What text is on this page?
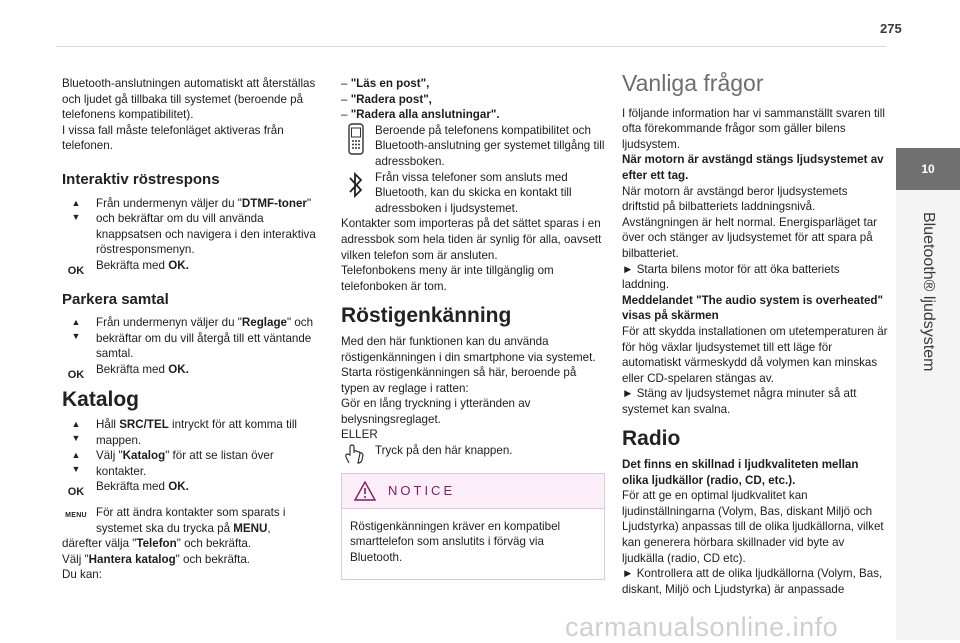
275
10
Bluetooth® ljudsystem

Bluetooth-anslutningen automatiskt att återställas och ljudet gå tillbaka till systemet (beroende på telefonens kompatibilitet).

I vissa fall måste telefonläget aktiveras från telefonen.

Interaktiv röstrespons
▲
▼

Från undermenyn väljer du "DTMF-toner" och bekräftar om du vill använda knappsatsen och navigera i den interaktiva röstresponsmenyn.

OK	Bekräfta med OK.

Parkera samtal
▲
▼

Från undermenyn väljer du "Reglage" och bekräftar om du vill återgå till ett väntande samtal.

OK	Bekräfta med OK.

Katalog
▲
▼

Håll SRC/TEL intryckt för att komma till mappen.

▲
▼

Välj "Katalog" för att se listan över kontakter.

OK	Bekräfta med OK.

MENU För att ändra kontakter som sparats i systemet ska du trycka på MENU,

därefter välja "Telefon" och bekräfta.

Välj "Hantera katalog" och bekräfta.

Du kan:

– "Läs en post",

– "Radera post",

– "Radera alla anslutningar".

Beroende på telefonens kompatibilitet och Bluetooth-anslutning ger systemet tillgång till adressboken.

Från vissa telefoner som ansluts med Bluetooth, kan du skicka en kontakt till adressboken i ljudsystemet.

Kontakter som importeras på det sättet sparas i en adressbok som hela tiden är synlig för alla, oavsett vilken telefon som är ansluten.

Telefonbokens meny är inte tillgänglig om telefonboken är tom.

Röstigenkänning

Med den här funktionen kan du använda röstigenkänningen i din smartphone via systemet.

Starta röstigenkänningen så här, beroende på typen av reglage i ratten:

Gör en lång tryckning i ytteränden av belysningsreglaget.

ELLER

Tryck på den här knappen.

NOTICE

Röstigenkänningen kräver en kompatibel smarttelefon som anslutits i förväg via Bluetooth.

Vanliga frågor

I följande information har vi sammanställt svaren till ofta förekommande frågor som gäller bilens ljudsystem.

När motorn är avstängd stängs ljudsystemet av efter ett tag.

När motorn är avstängd beror ljudsystemets driftstid på bilbatteriets laddningsnivå.

Avstängningen är helt normal. Energisparläget tar över och stänger av ljudsystemet för att spara på bilbatteriet.

► Starta bilens motor för att öka batteriets laddning.

Meddelandet "The audio system is overheated" visas på skärmen

För att skydda installationen om utetemperaturen är för hög växlar ljudsystemet till ett läge för automatiskt värmeskydd då volymen kan minskas eller CD-spelaren stängas av.

► Stäng av ljudsystemet några minuter så att systemet kan svalna.

Radio

Det finns en skillnad i ljudkvaliteten mellan olika ljudkällor (radio, CD, etc.).

För att ge en optimal ljudkvalitet kan ljudinställningarna (Volym, Bas, diskant Miljö och Ljudstyrka) anpassas till de olika ljudkällorna, vilket kan generera hörbara skillnader vid byte av ljudkälla (radio, CD etc).

► Kontrollera att de olika ljudkällorna (Volym, Bas, diskant, Miljö och Ljudstyrka) är anpassade

carmanualsonline.info
